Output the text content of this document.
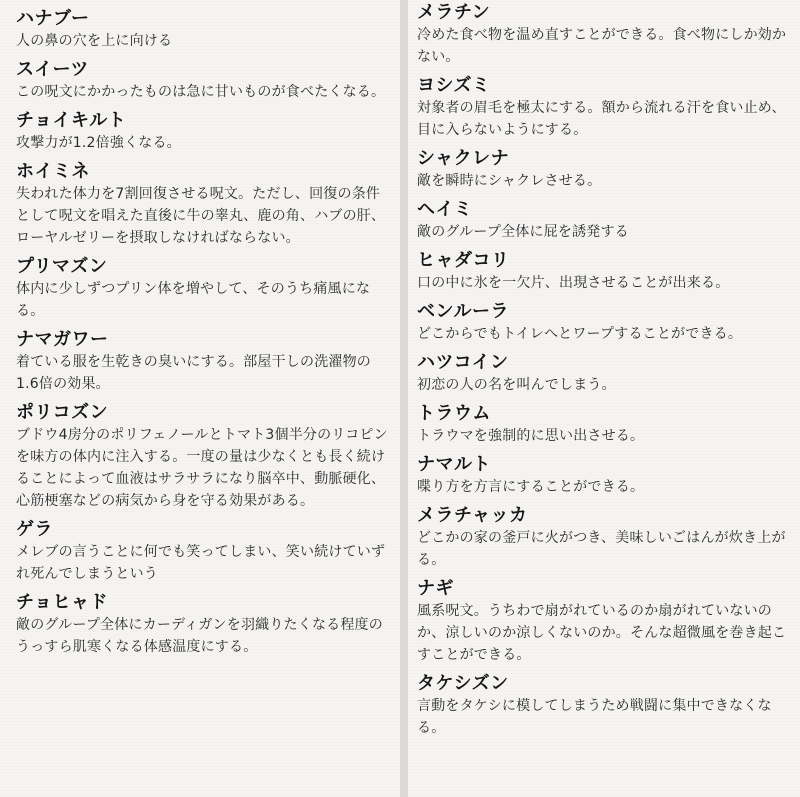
ハナブー

人の鼻の穴を上に向ける

スイーツ

この呪文にかかったものは急に甘いものが食べたくなる。

チョイキルト

攻撃力が1.2倍強くなる。

ホイミネ

失われた体力を7割回復させる呪文。ただし、回復の条件として呪文を唱えた直後に牛の睾丸、鹿の角、ハブの肝、ローヤルゼリーを摂取しなければならない。

プリマズン

体内に少しずつプリン体を増やして、そのうち痛風になる。

ナマガワー

着ている服を生乾きの臭いにする。部屋干しの洗濯物の1.6倍の効果。

ポリコズン

ブドウ4房分のポリフェノールとトマト3個半分のリコピンを味方の体内に注入する。一度の量は少なくとも長く続けることによって血液はサラサラになり脳卒中、動脈硬化、心筋梗塞などの病気から身を守る効果がある。

ゲラ

メレブの言うことに何でも笑ってしまい、笑い続けていずれ死んでしまうという

チョヒャド

敵のグループ全体にカーディガンを羽織りたくなる程度のうっすら肌寒くなる体感温度にする。

メラチン

冷めた食べ物を温め直すことができる。食べ物にしか効かない。

ヨシズミ

対象者の眉毛を極太にする。額から流れる汗を食い止め、目に入らないようにする。

シャクレナ

敵を瞬時にシャクレさせる。

ヘイミ

敵のグループ全体に屁を誘発する

ヒャダコリ

口の中に氷を一欠片、出現させることが出来る。

ベンルーラ

どこからでもトイレへとワープすることができる。

ハツコイン

初恋の人の名を叫んでしまう。

トラウム

トラウマを強制的に思い出させる。

ナマルト

喋り方を方言にすることができる。

メラチャッカ

どこかの家の釜戸に火がつき、美味しいごはんが炊き上がる。

ナギ

風系呪文。うちわで扇がれているのか扇がれていないのか、涼しいのか涼しくないのか。そんな超微風を巻き起こすことができる。

タケシズン

言動をタケシに模してしまうため戦闘に集中できなくなる。
